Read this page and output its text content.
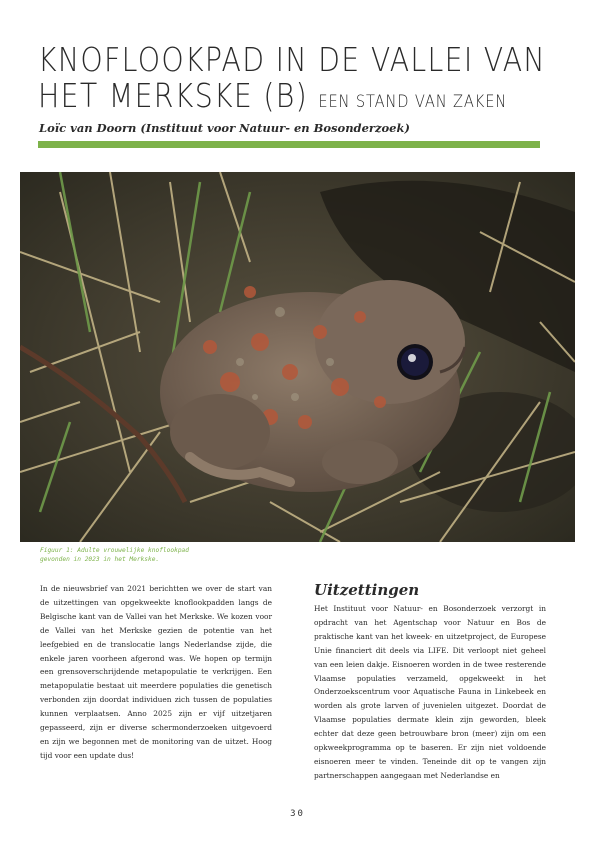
KNOFLOOKPAD IN DE VALLEI VAN
HET MERKSKE (B) EEN STAND VAN ZAKEN
Loïc van Doorn (Instituut voor Natuur- en Bosonderzoek)
Figuur 1: Adulte vrouwelijke knoflookpad
gevonden in 2023 in het Merkske.
In de nieuwsbrief van 2021 berichtten we over de start van de uitzettingen van opgekweekte knoflookpadden langs de Belgische kant van de Vallei van het Merkske. We kozen voor de Vallei van het Merkske gezien de potentie van het leefgebied en de translocatie langs Nederlandse zijde, die enkele jaren voorheen afgerond was. We hopen op termijn een grensoverschrijdende metapopulatie te verkrijgen. Een metapopulatie bestaat uit meerdere populaties die genetisch verbonden zijn doordat individuen zich tussen de populaties kunnen verplaatsen. Anno 2025 zijn er vijf uitzetjaren gepasseerd, zijn er diverse schermonderzoeken uitgevoerd en zijn we begonnen met de monitoring van de uitzet. Hoog tijd voor een update dus!
Uitzettingen
Het Instituut voor Natuur- en Bosonderzoek verzorgt in opdracht van het Agentschap voor Natuur en Bos de praktische kant van het kweek- en uitzetproject, de Europese Unie financiert dit deels via LIFE. Dit verloopt niet geheel van een leien dakje. Eisnoeren worden in de twee resterende Vlaamse populaties verzameld, opgekweekt in het Onderzoekscentrum voor Aquatische Fauna in Linkebeek en worden als grote larven of juvenielen uitgezet. Doordat de Vlaamse populaties dermate klein zijn geworden, bleek echter dat deze geen betrouwbare bron (meer) zijn om een opkweekprogramma op te baseren. Er zijn niet voldoende eisnoeren meer te vinden. Teneinde dit op te vangen zijn partnerschappen aangegaan met Nederlandse en
30
